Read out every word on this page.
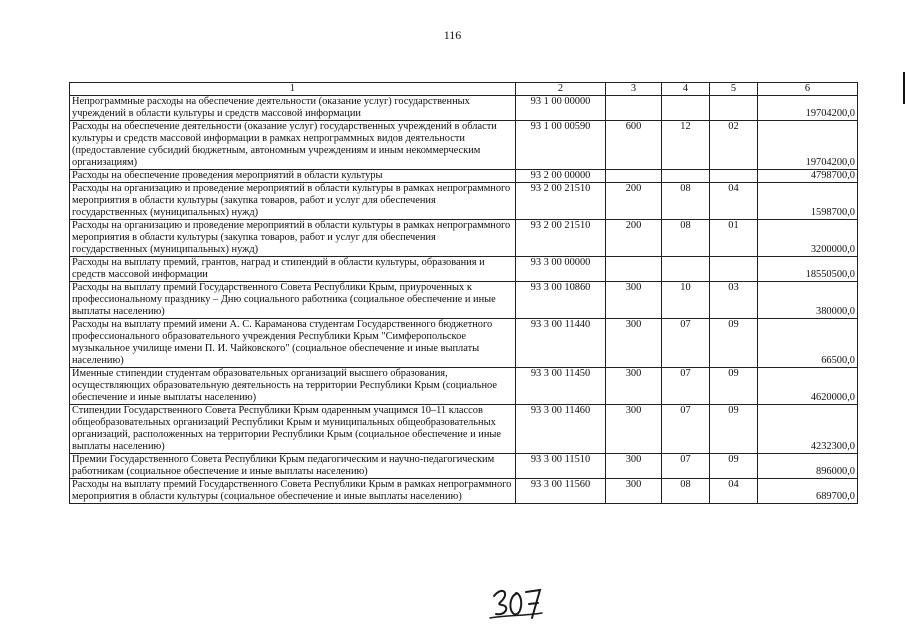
116
1	2	3	4	5	6
Непрограммные расходы на обеспечение деятельности (оказание услуг) государственных учреждений в области культуры и средств массовой информации	93 1 00 00000				19704200,0
Расходы на обеспечение деятельности (оказание услуг) государственных учреждений в области культуры и средств массовой информации в рамках непрограммных видов деятельности (предоставление субсидий бюджетным, автономным учреждениям и иным некоммерческим организациям)	93 1 00 00590	600	12	02	19704200,0
Расходы на обеспечение проведения мероприятий в области культуры	93 2 00 00000				4798700,0
Расходы на организацию и проведение мероприятий в области культуры в рамках непрограммного мероприятия в области культуры (закупка товаров, работ и услуг для обеспечения государственных (муниципальных) нужд)	93 2 00 21510	200	08	04	1598700,0
Расходы на организацию и проведение мероприятий в области культуры в рамках непрограммного мероприятия в области культуры (закупка товаров, работ и услуг для обеспечения государственных (муниципальных) нужд)	93 2 00 21510	200	08	01	3200000,0
Расходы на выплату премий, грантов, наград и стипендий в области культуры, образования и средств массовой информации	93 3 00 00000				18550500,0
Расходы на выплату премий Государственного Совета Республики Крым, приуроченных к профессиональному празднику – Дню социального работника (социальное обеспечение и иные выплаты населению)	93 3 00 10860	300	10	03	380000,0
Расходы на выплату премий имени А. С. Караманова студентам Государственного бюджетного профессионального образовательного учреждения Республики Крым "Симферопольское музыкальное училище имени П. И. Чайковского" (социальное обеспечение и иные выплаты населению)	93 3 00 11440	300	07	09	66500,0
Именные стипендии студентам образовательных организаций высшего образования, осуществляющих образовательную деятельность на территории Республики Крым (социальное обеспечение и иные выплаты населению)	93 3 00 11450	300	07	09	4620000,0
Стипендии Государственного Совета Республики Крым одаренным учащимся 10–11 классов общеобразовательных организаций Республики Крым и муниципальных общеобразовательных организаций, расположенных на территории Республики Крым (социальное обеспечение и иные выплаты населению)	93 3 00 11460	300	07	09	4232300,0
Премии Государственного Совета Республики Крым педагогическим и научно-педагогическим работникам (социальное обеспечение и иные выплаты населению)	93 3 00 11510	300	07	09	896000,0
Расходы на выплату премий Государственного Совета Республики Крым в рамках непрограммного мероприятия в области культуры (социальное обеспечение и иные выплаты населению)	93 3 00 11560	300	08	04	689700,0
